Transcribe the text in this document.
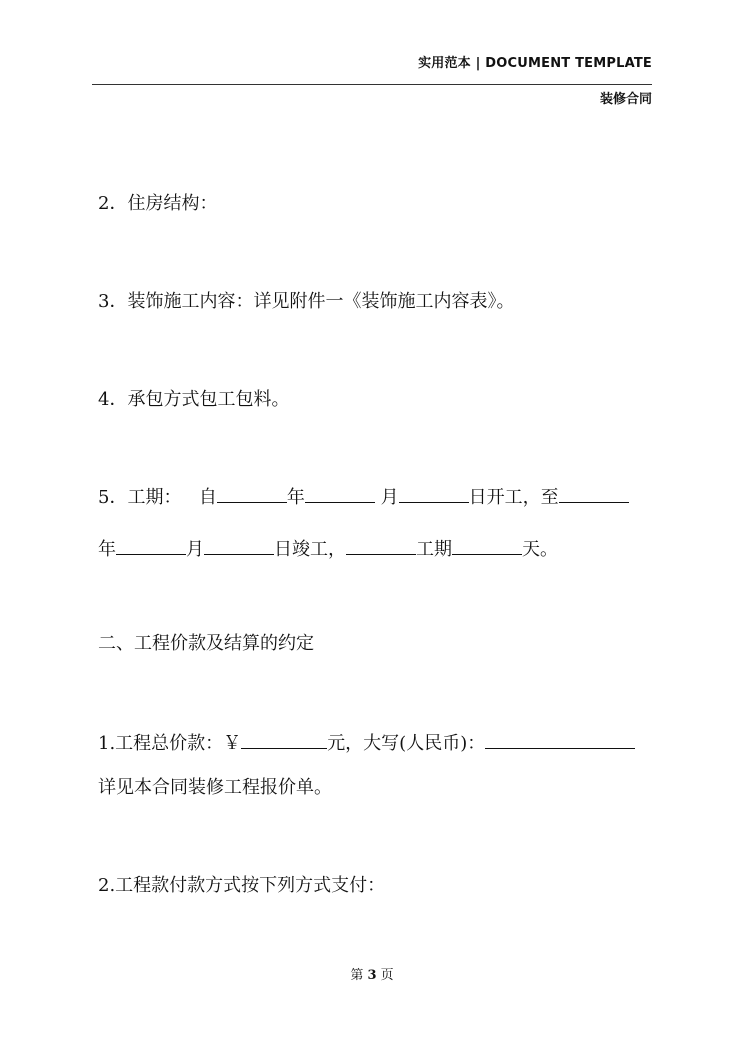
实用范本 | DOCUMENT TEMPLATE
装修合同
2．住房结构：
3．装饰施工内容：详见附件一《装饰施工内容表》。
4．承包方式包工包料。
5．工期： 自	年	月	日开工，至
年	月	日竣工，	工期	天。
二、工程价款及结算的约定
1.工程总价款：￥	元，大写(人民币)：
详见本合同装修工程报价单。
2.工程款付款方式按下列方式支付：
第 3 页
